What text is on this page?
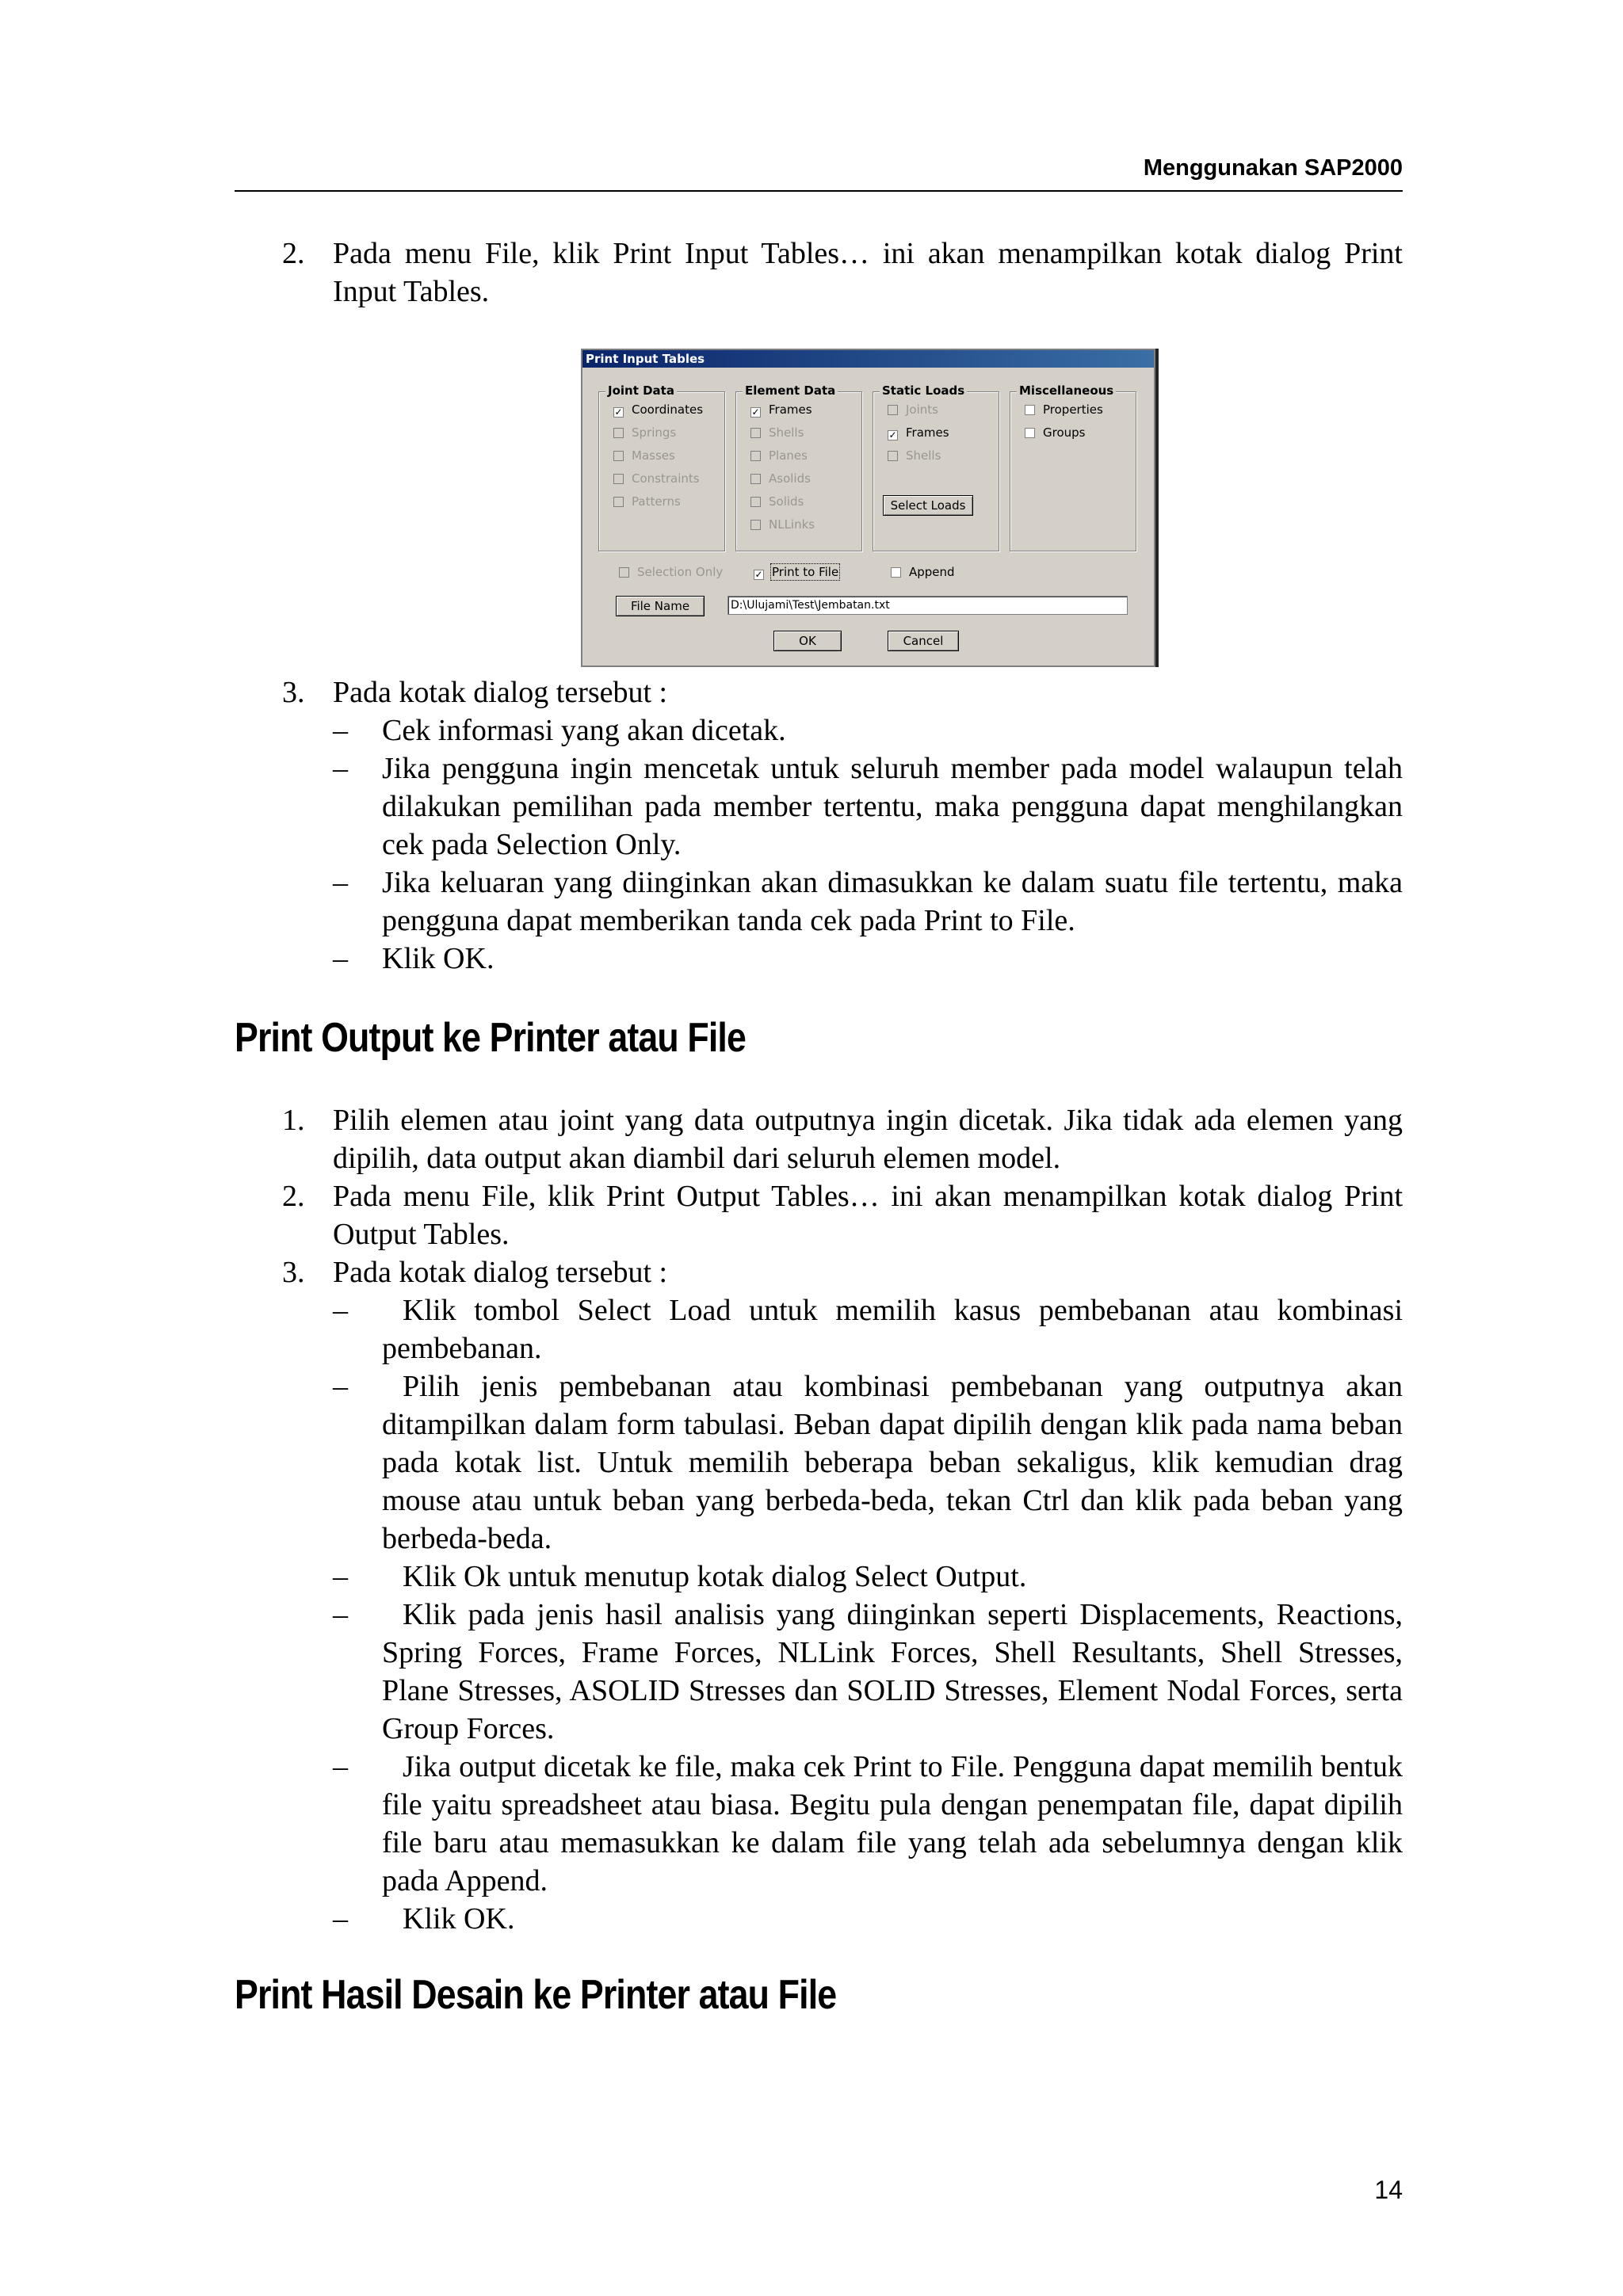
Menggunakan SAP2000
2. Pada menu File, klik Print Input Tables… ini akan menampilkan kotak dialog Print Input Tables.
Print Input Tables
Joint Data
✓ Coordinates
Springs
Masses
Constraints
Patterns
Element Data
✓ Frames
Shells
Planes
Asolids
Solids
NLLinks
Static Loads
Joints
✓ Frames
Shells
Select Loads
Miscellaneous
Properties
Groups
Selection Only	✓ Print to File	Append
File Name	D:\Ulujami\Test\Jembatan.txt
OK	Cancel
3. Pada kotak dialog tersebut :
– Cek informasi yang akan dicetak.
– Jika pengguna ingin mencetak untuk seluruh member pada model walaupun telah dilakukan pemilihan pada member tertentu, maka pengguna dapat menghilangkan cek pada Selection Only.
– Jika keluaran yang diinginkan akan dimasukkan ke dalam suatu file tertentu, maka pengguna dapat memberikan tanda cek pada Print to File.
– Klik OK.
Print Output ke Printer atau File
1. Pilih elemen atau joint yang data outputnya ingin dicetak. Jika tidak ada elemen yang dipilih, data output akan diambil dari seluruh elemen model.
2. Pada menu File, klik Print Output Tables… ini akan menampilkan kotak dialog Print Output Tables.
3. Pada kotak dialog tersebut :
–	Klik tombol Select Load untuk memilih kasus pembebanan atau kombinasi pembebanan.
–	Pilih jenis pembebanan atau kombinasi pembebanan yang outputnya akan ditampilkan dalam form tabulasi. Beban dapat dipilih dengan klik pada nama beban pada kotak list. Untuk memilih beberapa beban sekaligus, klik kemudian drag mouse atau untuk beban yang berbeda-beda, tekan Ctrl dan klik pada beban yang berbeda-beda.
–	Klik Ok untuk menutup kotak dialog Select Output.
–	Klik pada jenis hasil analisis yang diinginkan seperti Displacements, Reactions, Spring Forces, Frame Forces, NLLink Forces, Shell Resultants, Shell Stresses, Plane Stresses, ASOLID Stresses dan SOLID Stresses, Element Nodal Forces, serta Group Forces.
–	Jika output dicetak ke file, maka cek Print to File. Pengguna dapat memilih bentuk file yaitu spreadsheet atau biasa. Begitu pula dengan penempatan file, dapat dipilih file baru atau memasukkan ke dalam file yang telah ada sebelumnya dengan klik pada Append.
–	Klik OK.
Print Hasil Desain ke Printer atau File
14
